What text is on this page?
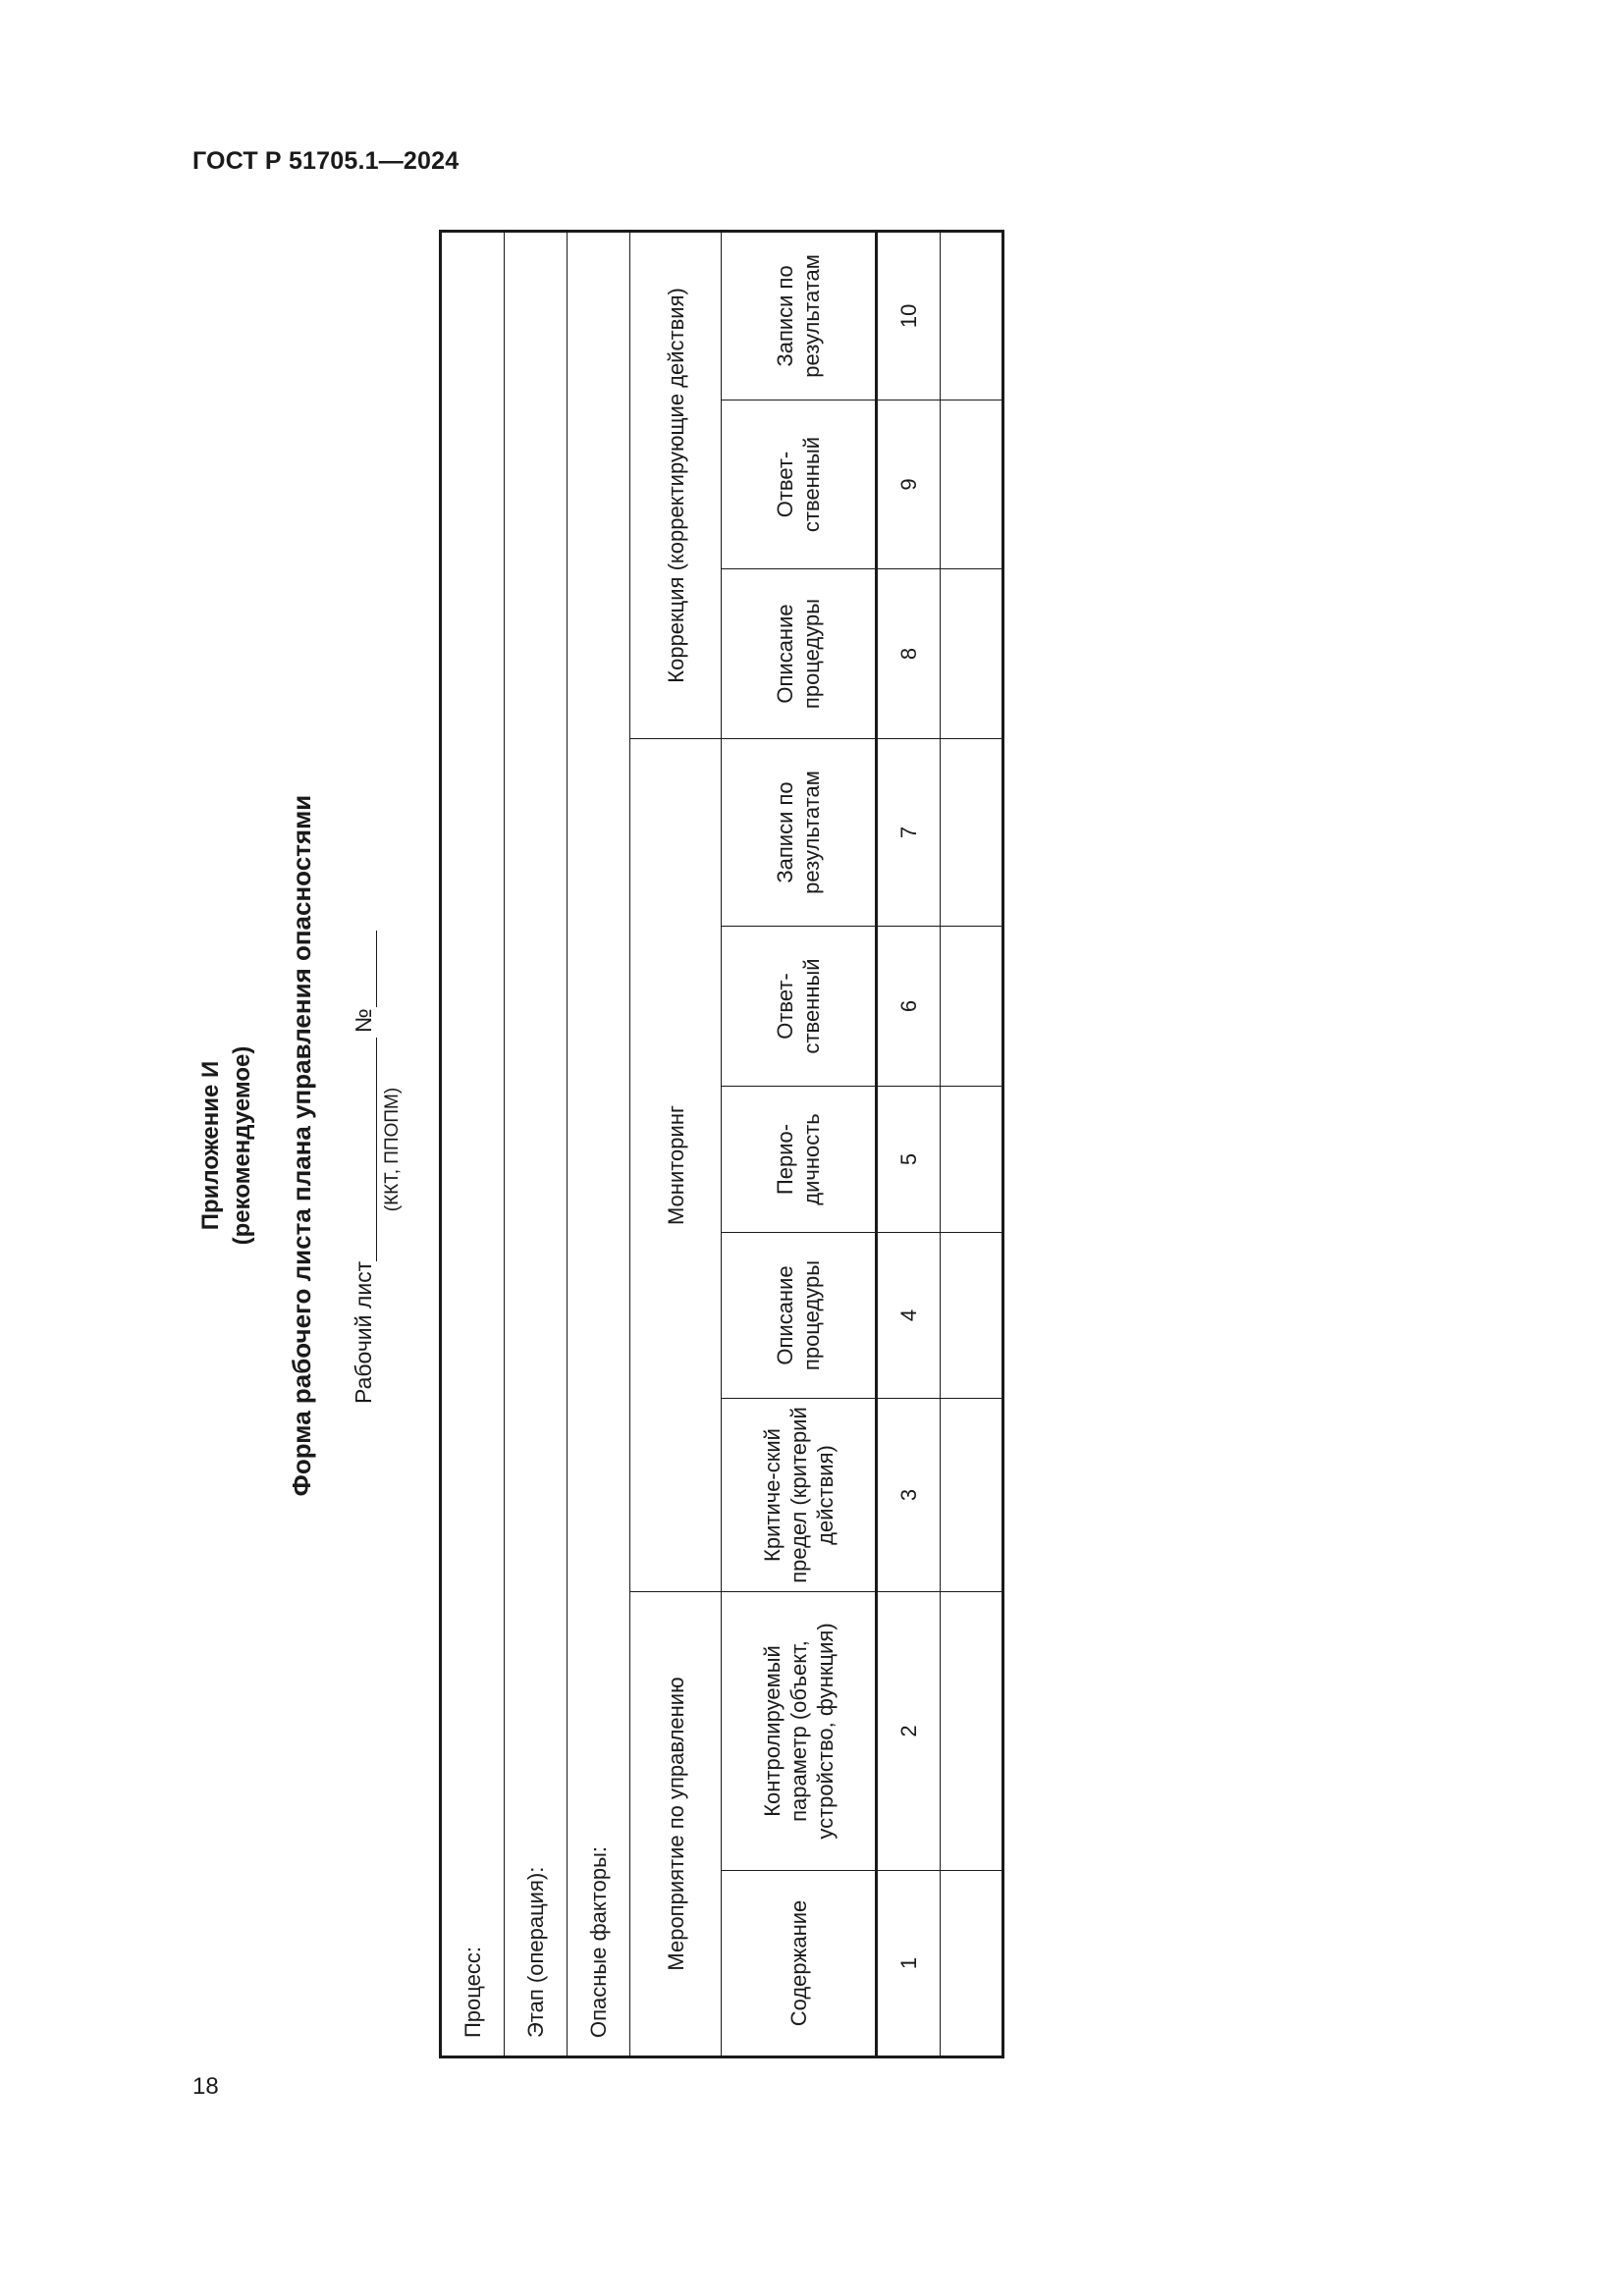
ГОСТ Р 51705.1—2024
18
Приложение И (рекомендуемое) Форма рабочего листа плана управления опасностями Рабочий лист
(ККТ, ППОПМ)
№
Процесс:									
Этап (операция):									
Опасные факторы:									
Мероприятие по управлению		Мониторинг					Коррекция (корректирующие действия)		
Содержание	Контролируемый параметр (объект, устройство, функция)	Критиче-ский предел (критерий действия)	Описание процедуры	Перио-дичность	Ответ-ственный	Записи по результатам	Описание процедуры	Ответ-ственный	Записи по результатам
1	2	3	4	5	6	7	8	9	10
